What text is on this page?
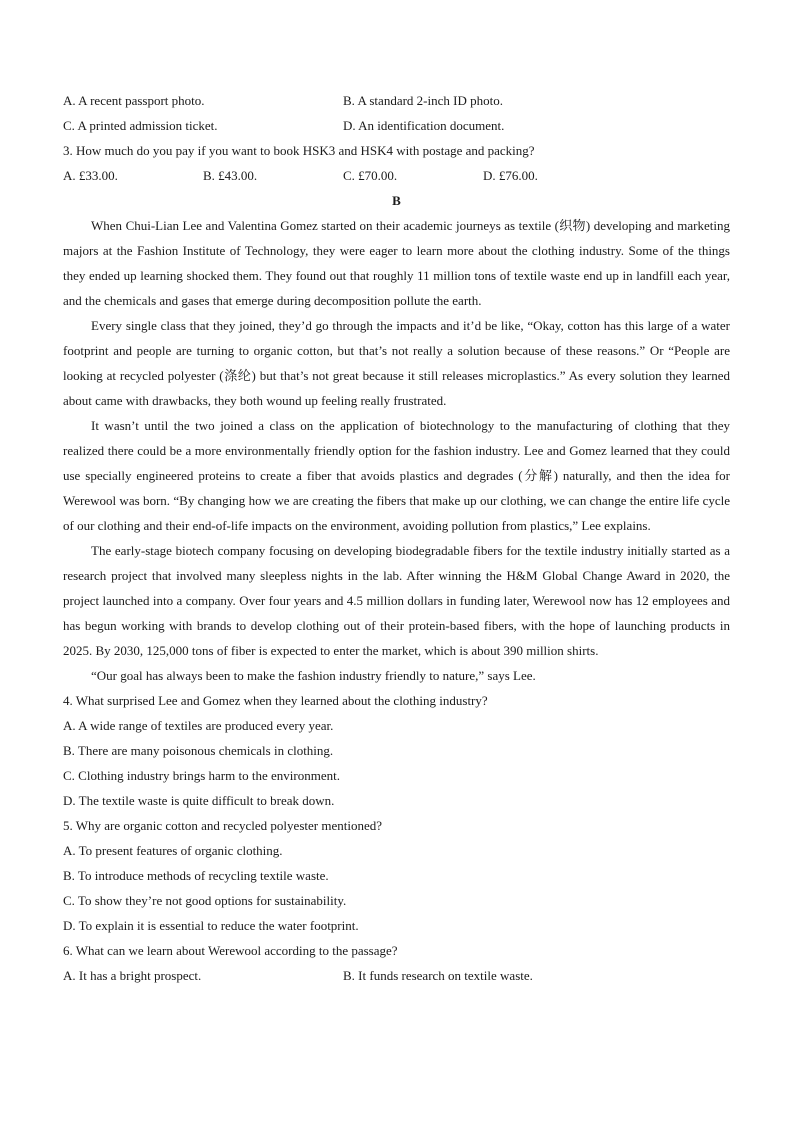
A. A recent passport photo.	B. A standard 2-inch ID photo.
C. A printed admission ticket.	D. An identification document.
3. How much do you pay if you want to book HSK3 and HSK4 with postage and packing?
A. £33.00.	B. £43.00.	C. £70.00.	D. £76.00.
B

When Chui-Lian Lee and Valentina Gomez started on their academic journeys as textile (织物) developing and marketing majors at the Fashion Institute of Technology, they were eager to learn more about the clothing industry. Some of the things they ended up learning shocked them. They found out that roughly 11 million tons of textile waste end up in landfill each year, and the chemicals and gases that emerge during decomposition pollute the earth.

Every single class that they joined, they’d go through the impacts and it’d be like, “Okay, cotton has this large of a water footprint and people are turning to organic cotton, but that’s not really a solution because of these reasons.” Or “People are looking at recycled polyester (涤纶) but that’s not great because it still releases microplastics.” As every solution they learned about came with drawbacks, they both wound up feeling really frustrated.

It wasn’t until the two joined a class on the application of biotechnology to the manufacturing of clothing that they realized there could be a more environmentally friendly option for the fashion industry. Lee and Gomez learned that they could use specially engineered proteins to create a fiber that avoids plastics and degrades (分解) naturally, and then the idea for Werewool was born. “By changing how we are creating the fibers that make up our clothing, we can change the entire life cycle of our clothing and their end-of-life impacts on the environment, avoiding pollution from plastics,” Lee explains.

The early-stage biotech company focusing on developing biodegradable fibers for the textile industry initially started as a research project that involved many sleepless nights in the lab. After winning the H&M Global Change Award in 2020, the project launched into a company. Over four years and 4.5 million dollars in funding later, Werewool now has 12 employees and has begun working with brands to develop clothing out of their protein-based fibers, with the hope of launching products in 2025. By 2030, 125,000 tons of fiber is expected to enter the market, which is about 390 million shirts.

“Our goal has always been to make the fashion industry friendly to nature,” says Lee.

4. What surprised Lee and Gomez when they learned about the clothing industry?
A. A wide range of textiles are produced every year.
B. There are many poisonous chemicals in clothing.
C. Clothing industry brings harm to the environment.
D. The textile waste is quite difficult to break down.
5. Why are organic cotton and recycled polyester mentioned?
A. To present features of organic clothing.
B. To introduce methods of recycling textile waste.
C. To show they’re not good options for sustainability.
D. To explain it is essential to reduce the water footprint.
6. What can we learn about Werewool according to the passage?
A. It has a bright prospect.	B. It funds research on textile waste.
